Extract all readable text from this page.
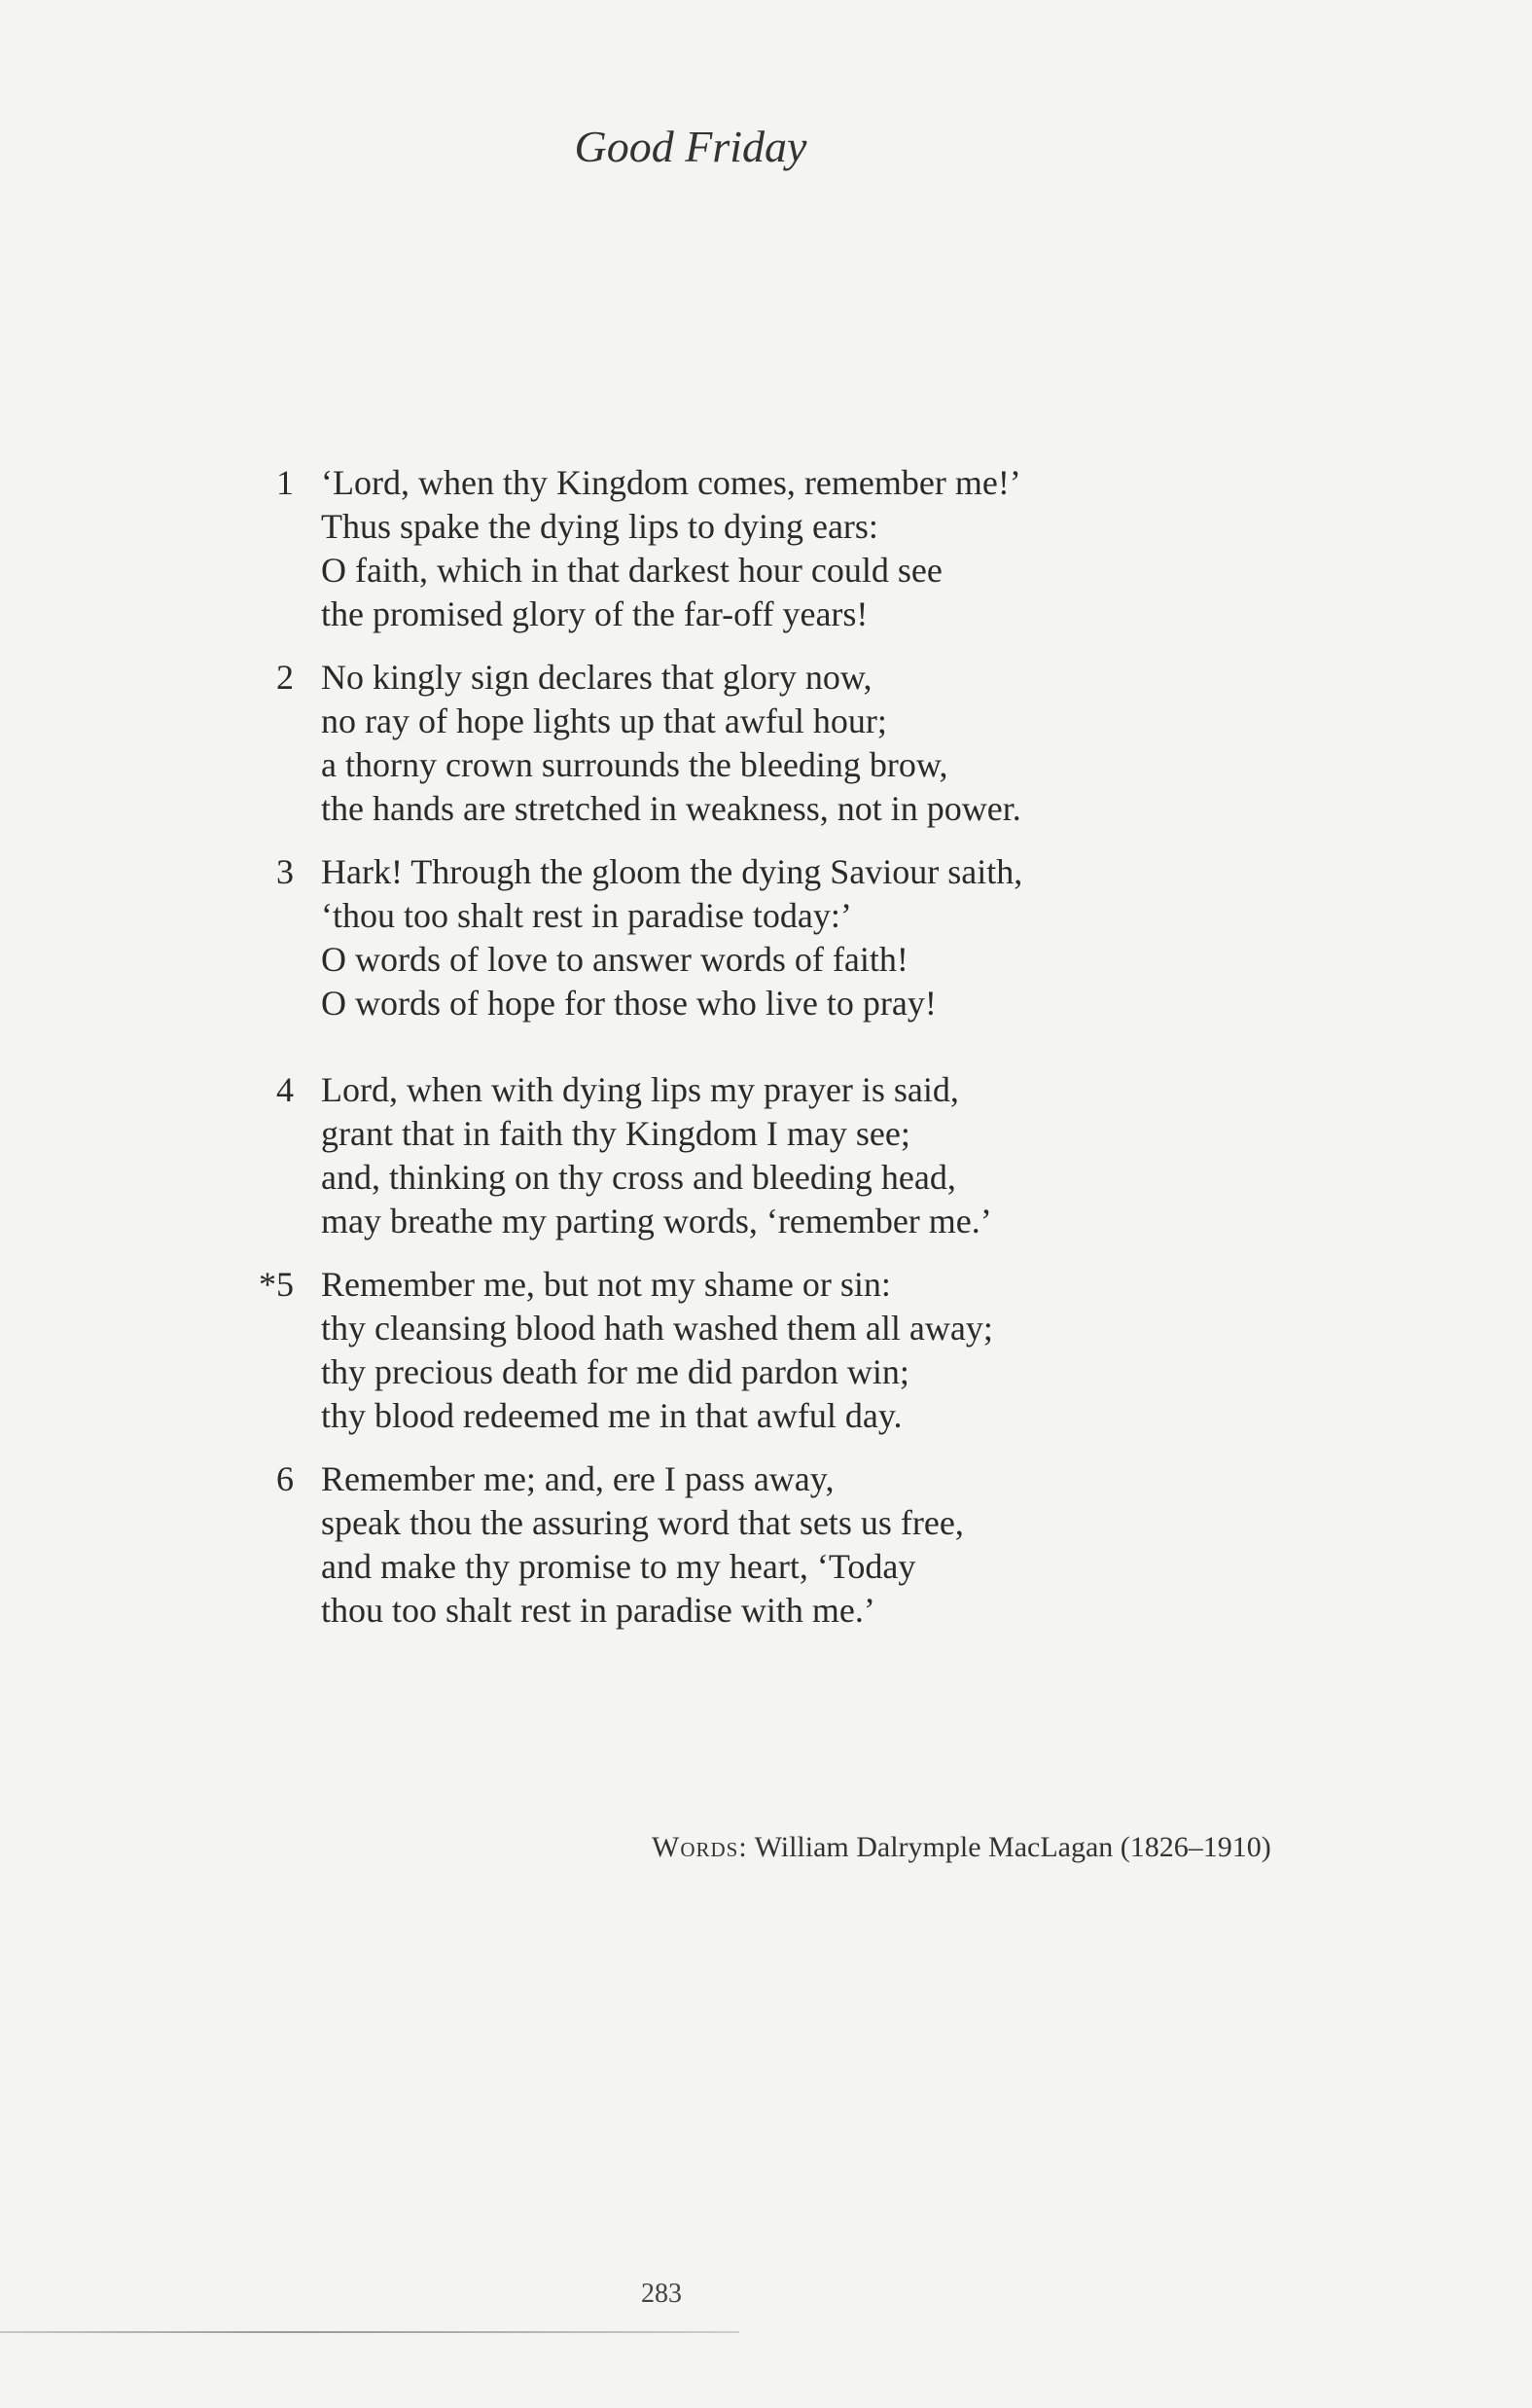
Good Friday
1 ‘Lord, when thy Kingdom comes, remember me!’
Thus spake the dying lips to dying ears:
O faith, which in that darkest hour could see
the promised glory of the far-off years!
2 No kingly sign declares that glory now,
no ray of hope lights up that awful hour;
a thorny crown surrounds the bleeding brow,
the hands are stretched in weakness, not in power.
3 Hark! Through the gloom the dying Saviour saith,
‘thou too shalt rest in paradise today:’
O words of love to answer words of faith!
O words of hope for those who live to pray!
4 Lord, when with dying lips my prayer is said,
grant that in faith thy Kingdom I may see;
and, thinking on thy cross and bleeding head,
may breathe my parting words, ‘remember me.’
*5 Remember me, but not my shame or sin:
thy cleansing blood hath washed them all away;
thy precious death for me did pardon win;
thy blood redeemed me in that awful day.
6 Remember me; and, ere I pass away,
speak thou the assuring word that sets us free,
and make thy promise to my heart, ‘Today
thou too shalt rest in paradise with me.’
Words: William Dalrymple MacLagan (1826–1910)
283
